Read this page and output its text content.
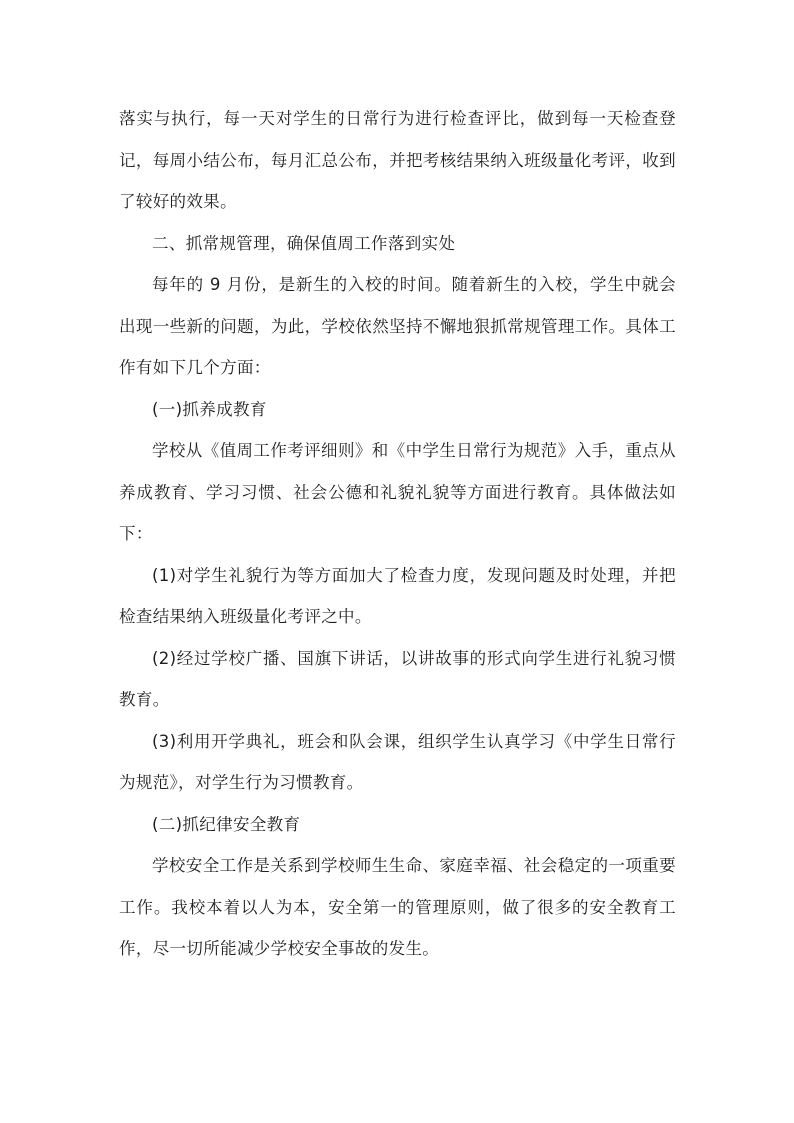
落实与执行，每一天对学生的日常行为进行检查评比，做到每一天检查登记，每周小结公布，每月汇总公布，并把考核结果纳入班级量化考评，收到了较好的效果。

二、抓常规管理，确保值周工作落到实处

每年的 9 月份，是新生的入校的时间。随着新生的入校，学生中就会出现一些新的问题，为此，学校依然坚持不懈地狠抓常规管理工作。具体工作有如下几个方面：

(一)抓养成教育

学校从《值周工作考评细则》和《中学生日常行为规范》入手，重点从养成教育、学习习惯、社会公德和礼貌礼貌等方面进行教育。具体做法如下：

(1)对学生礼貌行为等方面加大了检查力度，发现问题及时处理，并把检查结果纳入班级量化考评之中。

(2)经过学校广播、国旗下讲话，以讲故事的形式向学生进行礼貌习惯教育。

(3)利用开学典礼，班会和队会课，组织学生认真学习《中学生日常行为规范》，对学生行为习惯教育。

(二)抓纪律安全教育

学校安全工作是关系到学校师生生命、家庭幸福、社会稳定的一项重要工作。我校本着以人为本，安全第一的管理原则，做了很多的安全教育工作，尽一切所能减少学校安全事故的发生。
